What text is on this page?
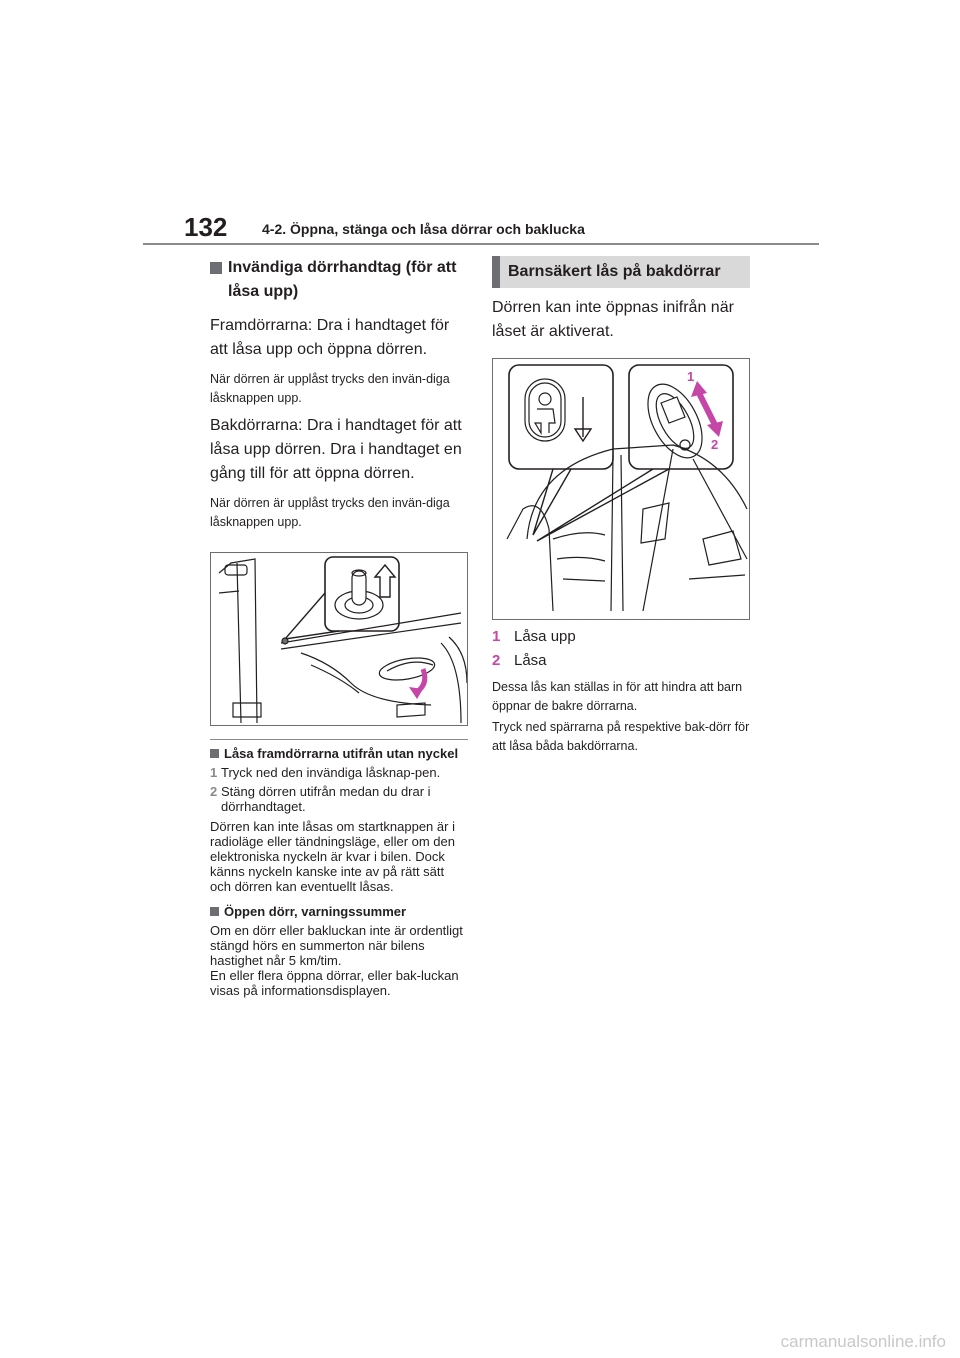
132 4-2. Öppna, stänga och låsa dörrar och baklucka
Invändiga dörrhandtag (för att låsa upp)

Framdörrarna: Dra i handtaget för att låsa upp och öppna dörren.

När dörren är upplåst trycks den invän-diga låsknappen upp.

Bakdörrarna: Dra i handtaget för att låsa upp dörren. Dra i handtaget en gång till för att öppna dörren.

När dörren är upplåst trycks den invän-diga låsknappen upp.

Låsa framdörrarna utifrån utan nyckel
1 Tryck ned den invändiga låsknap-pen.
2 Stäng dörren utifrån medan du drar i dörrhandtaget.

Dörren kan inte låsas om startknappen är i radioläge eller tändningsläge, eller om den elektroniska nyckeln är kvar i bilen. Dock känns nyckeln kanske inte av på rätt sätt och dörren kan eventuellt låsas.

Öppen dörr, varningssummer

Om en dörr eller bakluckan inte är ordentligt stängd hörs en summerton när bilens hastighet når 5 km/tim.

En eller flera öppna dörrar, eller bak-luckan visas på informationsdisplayen.

Barnsäkert lås på bakdörrar

Dörren kan inte öppnas inifrån när låset är aktiverat.

1
2
1 Låsa upp
2 Låsa

Dessa lås kan ställas in för att hindra att barn öppnar de bakre dörrarna.

Tryck ned spärrarna på respektive bak-dörr för att låsa båda bakdörrarna.

carmanualsonline.info
